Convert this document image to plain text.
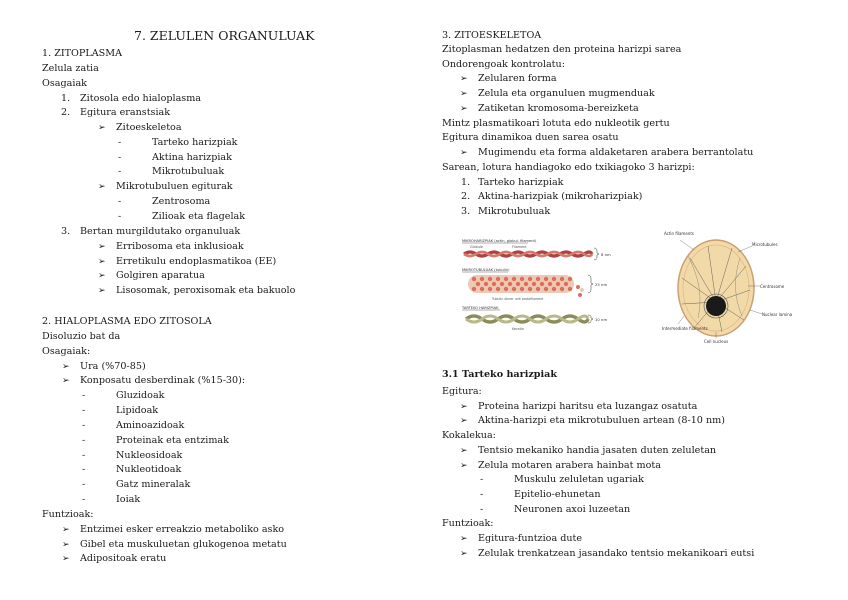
7. ZELULEN ORGANULUAK
1. ZITOPLASMA
Zelula zatia
Osagaiak
1. Zitosola edo hialoplasma
2. Egitura eranstsiak
➢ Zitoeskeletoa
- Tarteko harizpiak
- Aktina harizpiak
- Mikrotubuluak
➢ Mikrotubuluen egiturak
- Zentrosoma
- Zilioak eta flagelak
3. Bertan murgildutako organuluak
➢ Erribosoma eta inklusioak
➢ Erretikulu endoplasmatikoa (EE)
➢ Golgiren aparatua
➢ Lisosomak, peroxisomak eta bakuolo
2. HIALOPLASMA EDO ZITOSOLA
Disoluzio bat da
Osagaiak:
➢ Ura (%70-85)
➢ Konposatu desberdinak (%15-30):
- Gluzidoak
- Lipidoak
- Aminoazidoak
- Proteinak eta entzimak
- Nukleosidoak
- Nukleotidoak
- Gatz mineralak
- Ioiak
Funtzioak:
➢ Entzimei esker erreakzio metaboliko asko
➢ Gibel eta muskuluetan glukogenoa metatu
➢ Adipositoak eratu
3. ZITOESKELETOA
Zitoplasman hedatzen den proteina harizpi sarea
Ondorengoak kontrolatu:
➢ Zelularen forma
➢ Zelula eta organuluen mugmenduak
➢ Zatiketan kromosoma-bereizketa
Mintz plasmatikoari lotuta edo nukleotik gertu
Egitura dinamikoa duen sarea osatu
➢ Mugimendu eta forma aldaketaren arabera berrantolatu
Sarean, lotura handiagoko edo txikiagoko 3 harizpi:
1. Tarteko harizpiak
2. Aktina-harizpiak (mikroharizpiak)
3. Mikrotubuluak
MIKROHARIZPIAK (actin, globul. filament)
Globule	Filament
8 nm
MIKROTUBULUAK (tubulin)
Tubulin dimer unit protofilament
25 nm
TARTEKO HARIZPIAK
Keratin
10 nm
Actin filaments
Microtubules
Centrosome
Nuclear lamina
Intermediate filaments
Cell nucleus
3.1 Tarteko harizpiak
Egitura:
➢ Proteina harizpi haritsu eta luzangaz osatuta
➢ Aktina-harizpi eta mikrotubuluen artean (8-10 nm)
Kokalekua:
➢ Tentsio mekaniko handia jasaten duten zeluletan
➢ Zelula motaren arabera hainbat mota
- Muskulu zeluletan ugariak
- Epitelio-ehunetan
- Neuronen axoi luzeetan
Funtzioak:
➢ Egitura-funtzioa dute
➢ Zelulak trenkatzean jasandako tentsio mekanikoari eutsi
